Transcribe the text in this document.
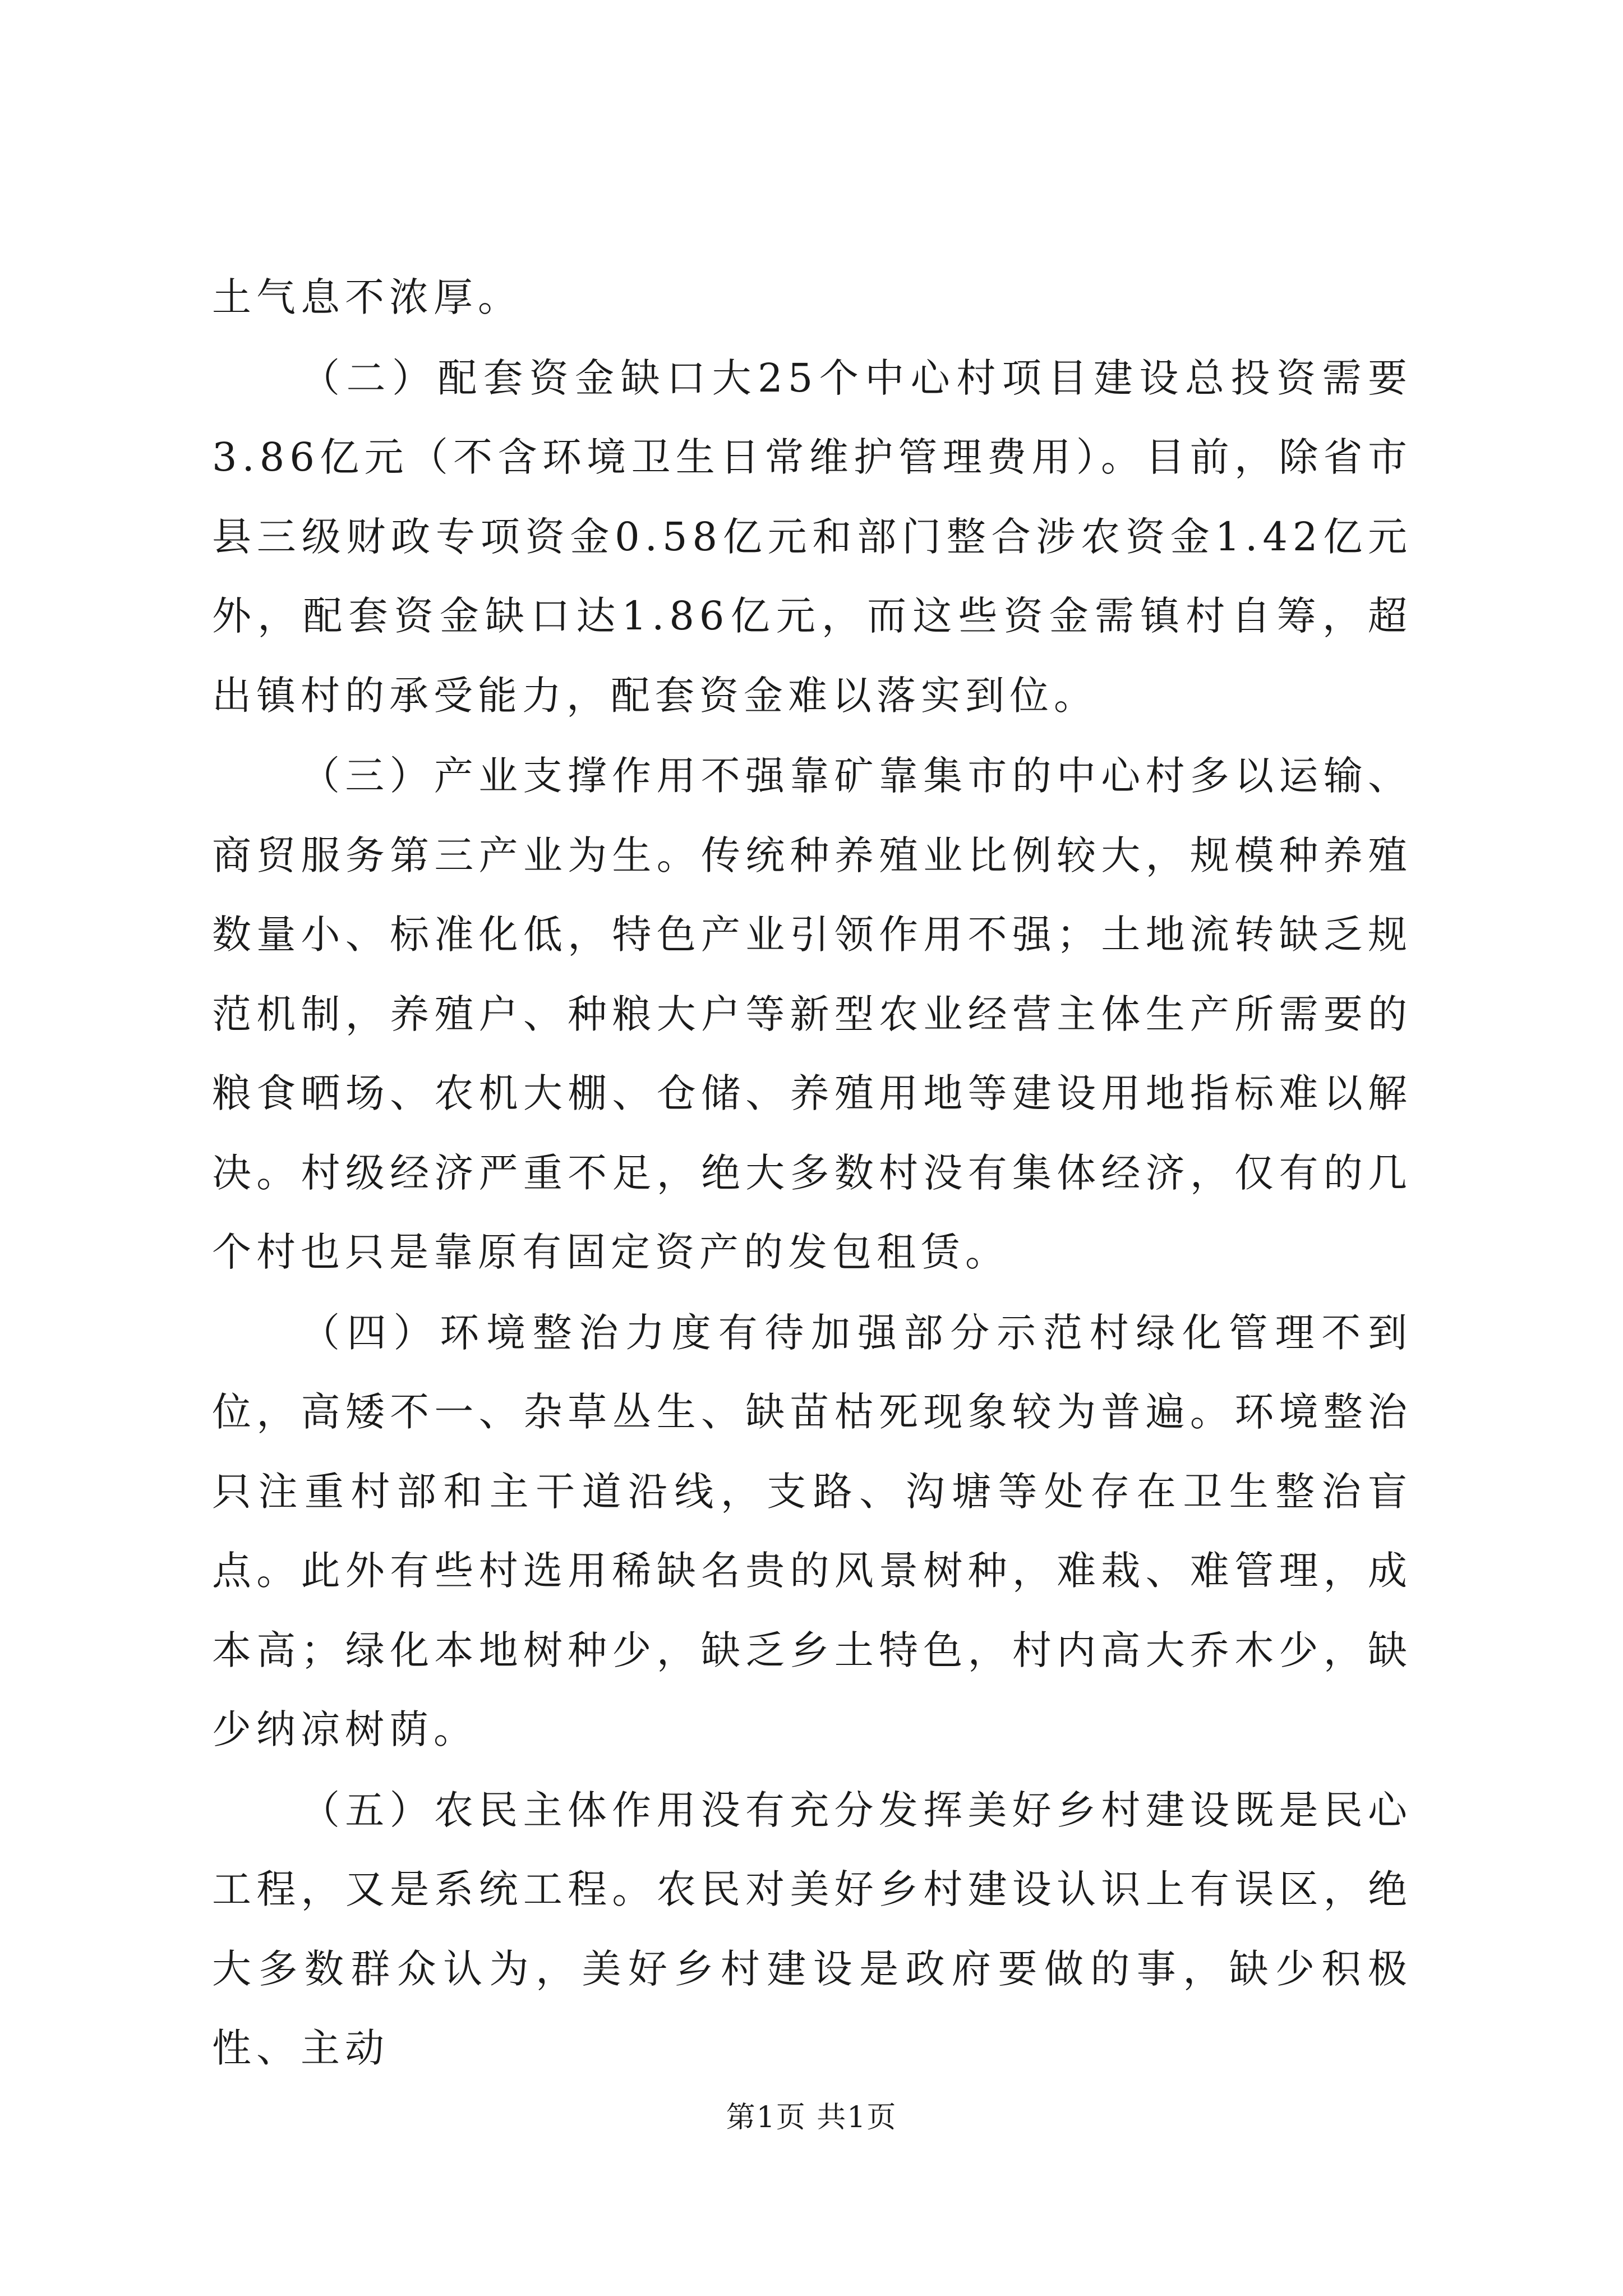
土气息不浓厚。

（二）配套资金缺口大25个中心村项目建设总投资需要3.86亿元（不含环境卫生日常维护管理费用）。目前，除省市县三级财政专项资金0.58亿元和部门整合涉农资金1.42亿元外，配套资金缺口达1.86亿元，而这些资金需镇村自筹，超出镇村的承受能力，配套资金难以落实到位。

（三）产业支撑作用不强靠矿靠集市的中心村多以运输、商贸服务第三产业为生。传统种养殖业比例较大，规模种养殖数量小、标准化低，特色产业引领作用不强；土地流转缺乏规范机制，养殖户、种粮大户等新型农业经营主体生产所需要的粮食晒场、农机大棚、仓储、养殖用地等建设用地指标难以解决。村级经济严重不足，绝大多数村没有集体经济，仅有的几个村也只是靠原有固定资产的发包租赁。

（四）环境整治力度有待加强部分示范村绿化管理不到位，高矮不一、杂草丛生、缺苗枯死现象较为普遍。环境整治只注重村部和主干道沿线，支路、沟塘等处存在卫生整治盲点。此外有些村选用稀缺名贵的风景树种，难栽、难管理，成本高；绿化本地树种少，缺乏乡土特色，村内高大乔木少，缺少纳凉树荫。

（五）农民主体作用没有充分发挥美好乡村建设既是民心工程，又是系统工程。农民对美好乡村建设认识上有误区，绝大多数群众认为，美好乡村建设是政府要做的事，缺少积极性、主动

第1页 共1页
